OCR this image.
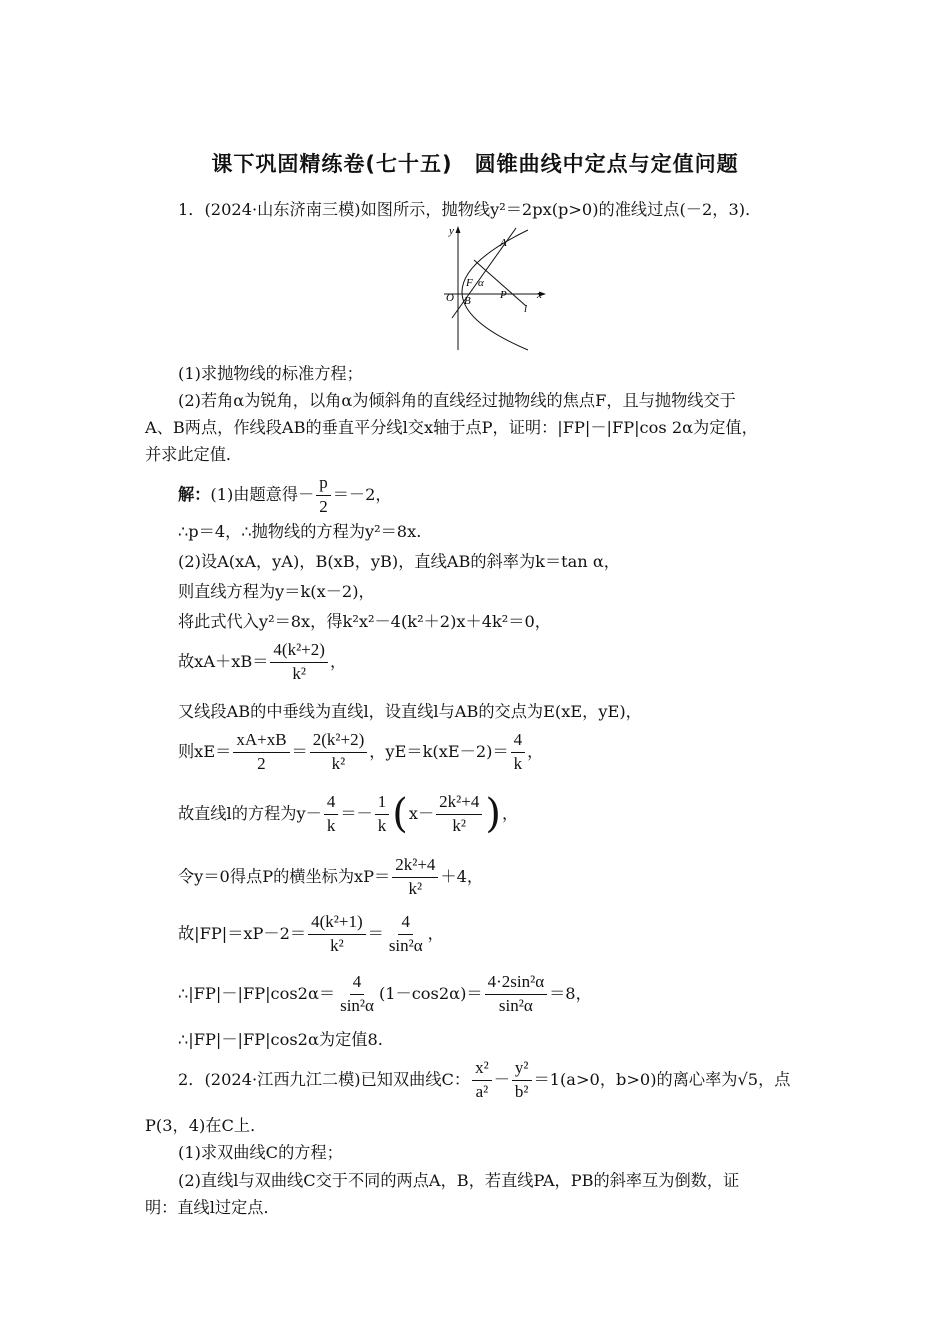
课下巩固精练卷(七十五)　圆锥曲线中定点与定值问题
1．(2024·山东济南三模)如图所示，抛物线y²＝2px(p>0)的准线过点(－2，3)．
y
x
O
A
B
F α
P
l
(1)求抛物线的标准方程；
(2)若角α为锐角，以角α为倾斜角的直线经过抛物线的焦点F，且与抛物线交于
A、B两点，作线段AB的垂直平分线l交x轴于点P，证明：|FP|－|FP|cos 2α为定值，
并求此定值．
解： (1)由题意得－ $\frac{p}{2} =-2$，
∴p＝4，∴抛物线的方程为y²＝8x.
(2)设A(xA，yA)，B(xB，yB)，直线AB的斜率为k＝tan α，
则直线方程为y＝k(x－2)，
将此式代入y²＝8x，得k²x²－4(k²＋2)x＋4k²＝0，
故$xA+xB= \frac{\text{4(k²+2)}}{\text{k²}}$ ，
又线段AB的中垂线为直线l，设直线l与AB的交点为E(xE，yE)，
则$xE= \frac{xA+xB}{2} = \frac{\text{2(k²+2)}}{\text{k²}}$ ，$yE=k(xE-2)= \frac{4}{k}$ ，
故直线l的方程为$y- \frac{4}{k} =- \frac{1}{k}$ ( $x- \frac{\text{2k²+4}}{\text{k²}}$ ) ，
令y＝0得点P的横坐标为$xP= \frac{\text{2k²+4}}{\text{k²}} +4$，
故$|FP|=xP-2= \frac{\text{4(k²+1)}}{\text{k²}} = \frac{4}{\text{sin²α}}$ ，
∴|FP|－|FP|cos2α＝ $\frac{4}{\text{sin²α}} (1-\cos 2\alpha)= \frac{\text{4·2sin²α}}{\text{sin²α}} =8$，
∴|FP|－|FP|cos2α为定值8.
2．(2024·江西九江二模)已知双曲线C： $\frac{\text{x²}}{\text{a²}} - \frac{\text{y²}}{\text{b²}} =1(a>0$，b>0)的离心率为√5，点
P(3，4)在C上．
(1)求双曲线C的方程；
(2)直线l与双曲线C交于不同的两点A，B，若直线PA，PB的斜率互为倒数，证
明：直线l过定点．
